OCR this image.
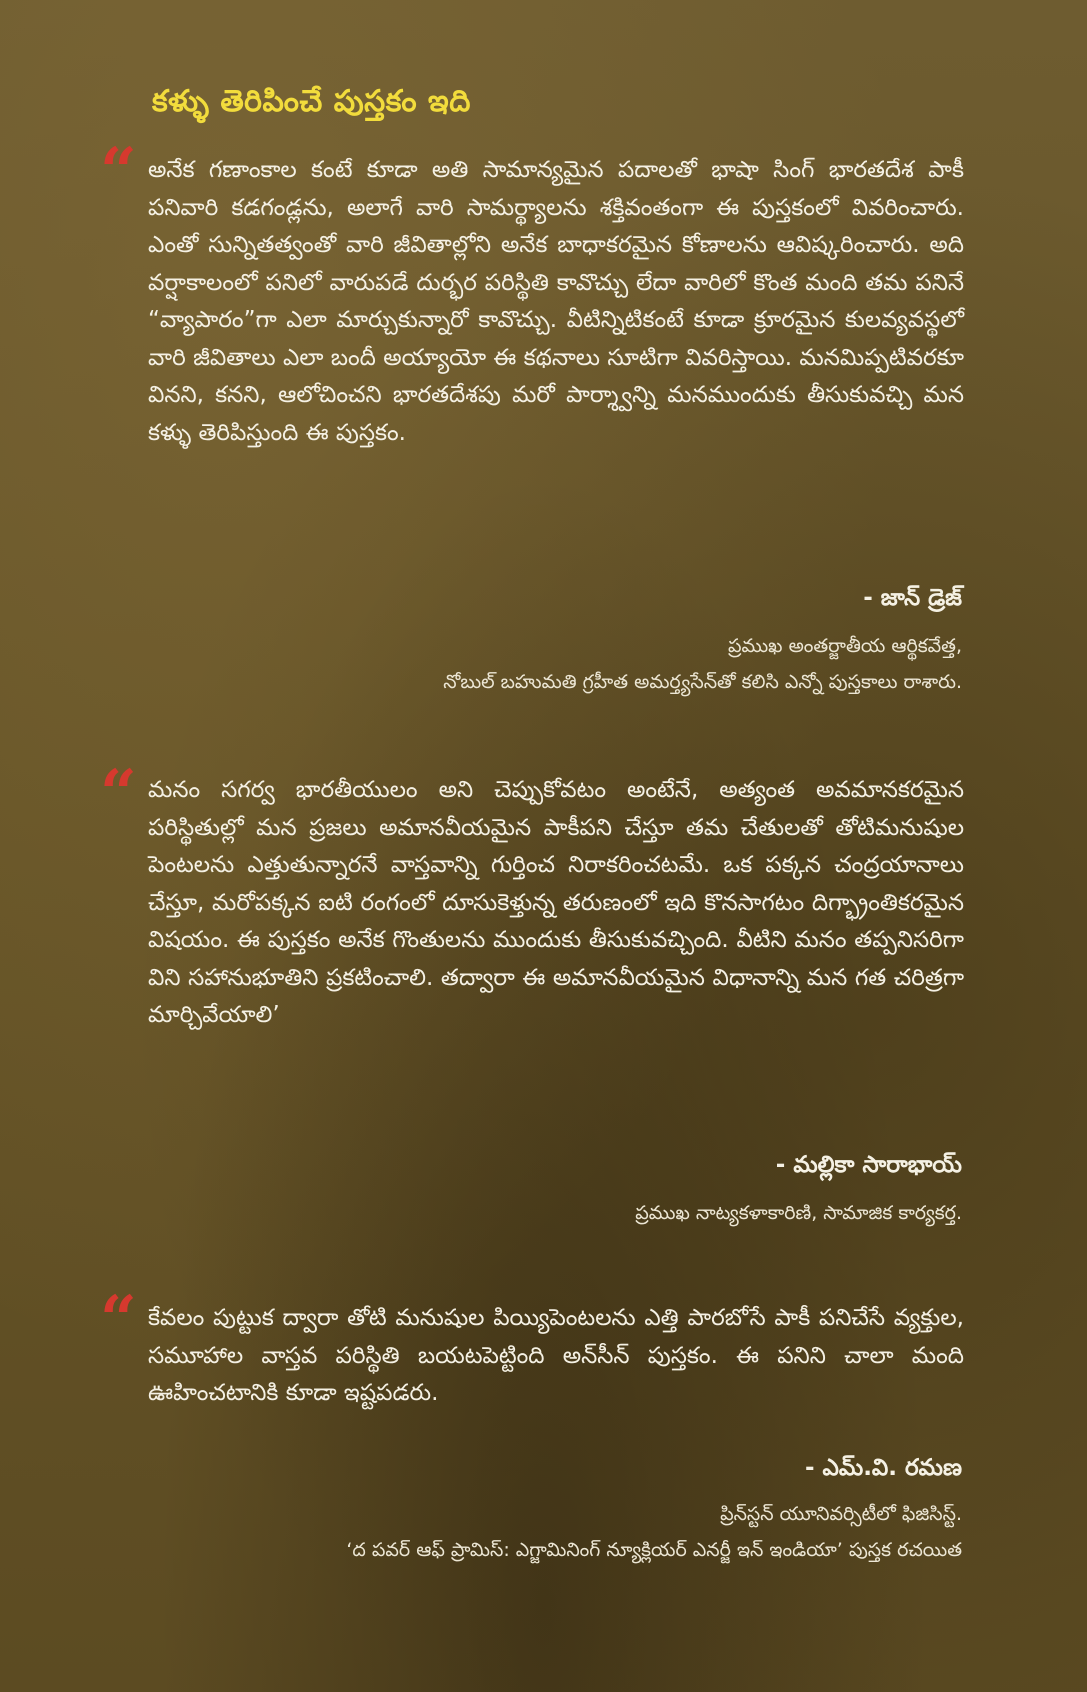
కళ్ళు తెరిపించే పుస్తకం ఇది
“ అనేక గణాంకాల కంటే కూడా అతి సామాన్యమైన పదాలతో భాషా సింగ్ భారతదేశ పాకీ పనివారి కడగండ్లను, అలాగే వారి సామర్థ్యాలను శక్తివంతంగా ఈ పుస్తకంలో వివరించారు. ఎంతో సున్నితత్వంతో వారి జీవితాల్లోని అనేక బాధాకరమైన కోణాలను ఆవిష్కరించారు. అది వర్షాకాలంలో పనిలో వారుపడే దుర్భర పరిస్థితి కావొచ్చు లేదా వారిలో కొంత మంది తమ పనినే “వ్యాపారం”గా ఎలా మార్చుకున్నారో కావొచ్చు. వీటిన్నిటికంటే కూడా క్రూరమైన కులవ్యవస్థలో వారి జీవితాలు ఎలా బందీ అయ్యాయో ఈ కథనాలు సూటిగా వివరిస్తాయి. మనమిప్పటివరకూ వినని, కనని, ఆలోచించని భారతదేశపు మరో పార్శ్వాన్ని మనముందుకు తీసుకువచ్చి మన కళ్ళు తెరిపిస్తుంది ఈ పుస్తకం.
- జాన్ డ్రెజ్
ప్రముఖ అంతర్జాతీయ ఆర్థికవేత్త,
నోబుల్ బహుమతి గ్రహీత అమర్త్యసేన్‌తో కలిసి ఎన్నో పుస్తకాలు రాశారు.
“ మనం సగర్వ భారతీయులం అని చెప్పుకోవటం అంటేనే, అత్యంత అవమానకరమైన పరిస్థితుల్లో మన ప్రజలు అమానవీయమైన పాకీపని చేస్తూ తమ చేతులతో తోటిమనుషుల పెంటలను ఎత్తుతున్నారనే వాస్తవాన్ని గుర్తించ నిరాకరించటమే. ఒక పక్కన చంద్రయానాలు చేస్తూ, మరోపక్కన ఐటి రంగంలో దూసుకెళ్తున్న తరుణంలో ఇది కొనసాగటం దిగ్భ్రాంతికరమైన విషయం. ఈ పుస్తకం అనేక గొంతులను ముందుకు తీసుకువచ్చింది. వీటిని మనం తప్పనిసరిగా విని సహానుభూతిని ప్రకటించాలి. తద్వారా ఈ అమానవీయమైన విధానాన్ని మన గత చరిత్రగా మార్చివేయాలి’
- మల్లికా సారాభాయ్
ప్రముఖ నాట్యకళాకారిణి, సామాజిక కార్యకర్త.
“ కేవలం పుట్టుక ద్వారా తోటి మనుషుల పియ్యిపెంటలను ఎత్తి పారబోసే పాకీ పనిచేసే వ్యక్తుల, సమూహాల వాస్తవ పరిస్థితి బయటపెట్టింది అన్‌సీన్ పుస్తకం. ఈ పనిని చాలా మంది ఊహించటానికి కూడా ఇష్టపడరు.
- ఎమ్.వి. రమణ
ప్రిన్‌స్టన్ యూనివర్సిటీలో ఫిజిసిస్ట్.
‘ద పవర్ ఆఫ్ ప్రామిస్: ఎగ్జామినింగ్ న్యూక్లియర్ ఎనర్జీ ఇన్ ఇండియా’ పుస్తక రచయిత
